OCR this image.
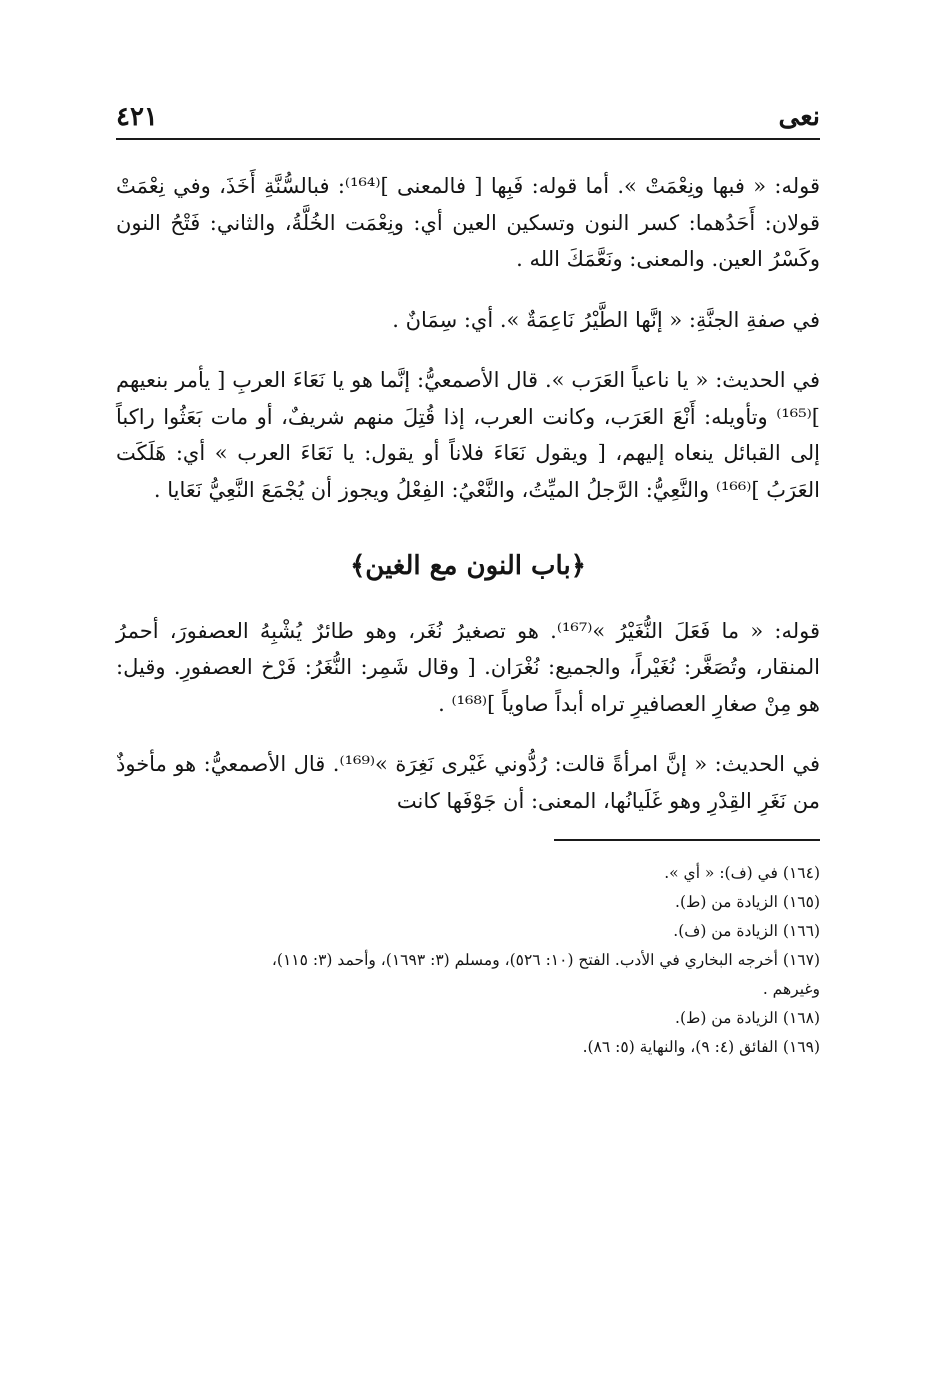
نعى
٤٢١

قوله: « فبها ونِعْمَتْ ». أما قوله: فَبِها [ فالمعنى ]⁽¹⁶⁴⁾: فبالسُّنَّةِ أَخَذَ، وفي نِعْمَتْ قولان: أَحَدُهما: كسر النون وتسكين العين أي: ونِعْمَت الخُلَّةُ، والثاني: فَتْحُ النون وكَسْرُ العين. والمعنى: ونَعَّمَكَ الله .

في صفةِ الجنَّةِ: « إنَّها الطَّيْرُ نَاعِمَةٌ ». أي: سِمَانٌ .

في الحديث: « يا ناعياً العَرَب ». قال الأصمعيُّ: إنَّما هو يا نَعَاءَ العربِ [ يأمر بنعيهم ]⁽¹⁶⁵⁾ وتأويله: أَنْعَ العَرَب، وكانت العرب، إذا قُتِلَ منهم شريفٌ، أو مات بَعَثُوا راكباً إلى القبائل ينعاه إليهم، [ ويقول نَعَاءَ فلاناً أو يقول: يا نَعَاءَ العرب » أي: هَلَكَت العَرَبُ ]⁽¹⁶⁶⁾ والنَّعِيُّ: الرَّجلُ الميِّتُ، والنَّعْيُ: الفِعْلُ ويجوز أن يُجْمَعَ النَّعِيُّ نَعَايا .

﴿باب النون مع الغين﴾

قوله: « ما فَعَلَ النُّغَيْرُ »⁽¹⁶⁷⁾. هو تصغيرُ نُغَر، وهو طائرٌ يُشْبِهُ العصفورَ، أحمرُ المنقار، وتُصَغَّر: نُغَيْراً، والجميع: نُغْرَان. [ وقال شَمِر: النُّغَرُ: فَرْخ العصفورِ. وقيل: هو مِنْ صغارِ العصافيرِ تراه أبداً صاوياً ]⁽¹⁶⁸⁾ .

في الحديث: « إنَّ امرأةً قالت: رُدُّوني غَيْرى نَغِرَة »⁽¹⁶⁹⁾. قال الأصمعيُّ: هو مأخوذٌ من نَغَرِ القِدْرِ وهو غَلَيانُها، المعنى: أن جَوْفَها كانت

(١٦٤) في (ف): « أي ».

(١٦٥) الزيادة من (ط).

(١٦٦) الزيادة من (ف).

(١٦٧) أخرجه البخاري في الأدب. الفتح (١٠: ٥٢٦)، ومسلم (٣: ١٦٩٣)، وأحمد (٣: ١١٥)،

وغيرهم .

(١٦٨) الزيادة من (ط).

(١٦٩) الفائق (٤: ٩)، والنهاية (٥: ٨٦).
